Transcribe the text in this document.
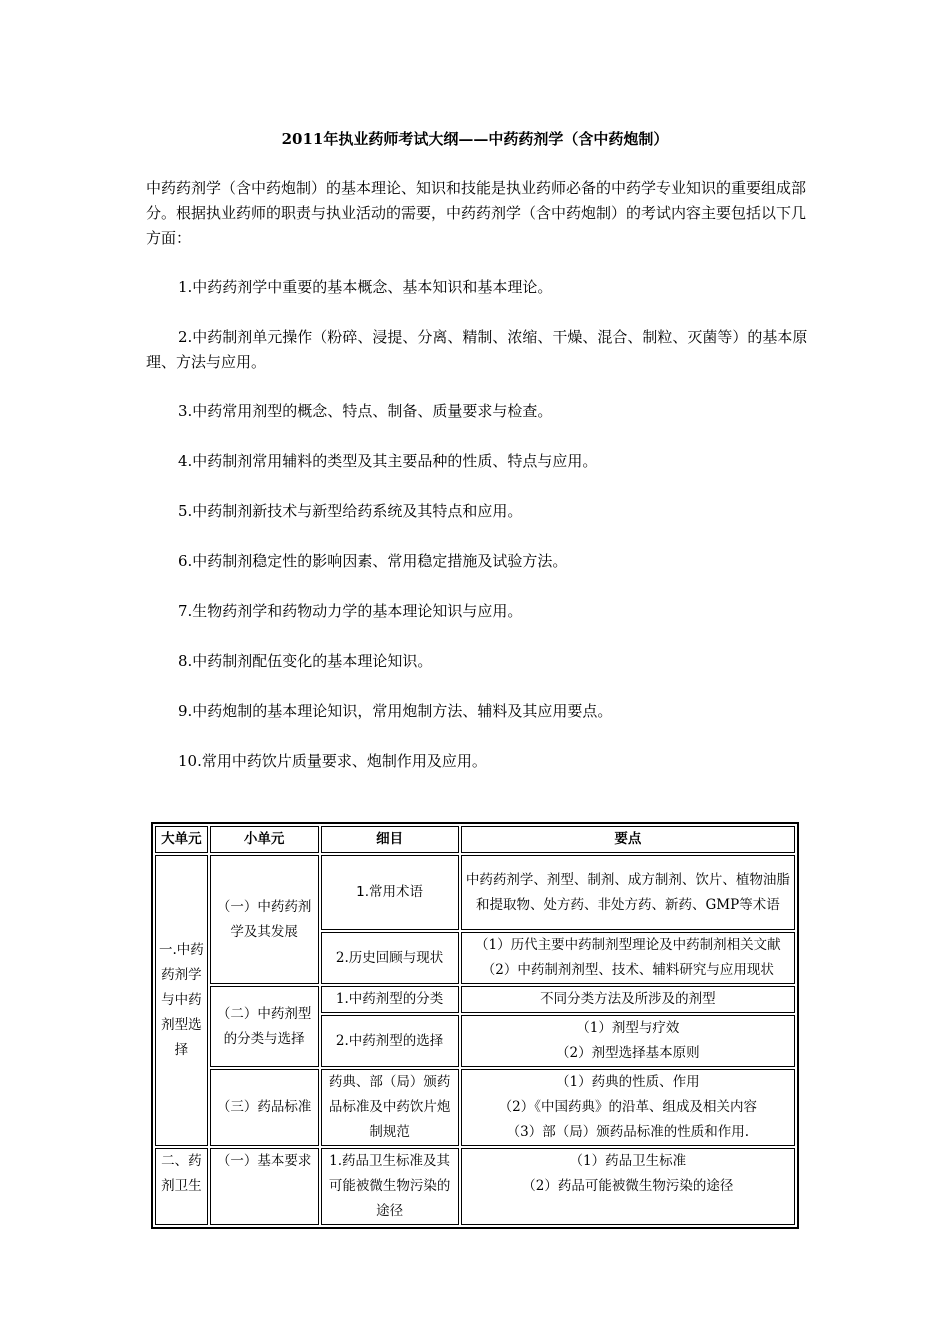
2011年执业药师考试大纲——中药药剂学（含中药炮制）
中药药剂学（含中药炮制）的基本理论、知识和技能是执业药师必备的中药学专业知识的重要组成部分。根据执业药师的职责与执业活动的需要，中药药剂学（含中药炮制）的考试内容主要包括以下几方面：
1.中药药剂学中重要的基本概念、基本知识和基本理论。
2.中药制剂单元操作（粉碎、浸提、分离、精制、浓缩、干燥、混合、制粒、灭菌等）的基本原理、方法与应用。
3.中药常用剂型的概念、特点、制备、质量要求与检查。
4.中药制剂常用辅料的类型及其主要品种的性质、特点与应用。
5.中药制剂新技术与新型给药系统及其特点和应用。
6.中药制剂稳定性的影响因素、常用稳定措施及试验方法。
7.生物药剂学和药物动力学的基本理论知识与应用。
8.中药制剂配伍变化的基本理论知识。
9.中药炮制的基本理论知识，常用炮制方法、辅料及其应用要点。
10.常用中药饮片质量要求、炮制作用及应用。
大单元	小单元	细目	要点
一.中药药剂学与中药剂型选择	（一）中药药剂学及其发展	1.常用术语	中药药剂学、剂型、制剂、成方制剂、饮片、植物油脂和提取物、处方药、非处方药、新药、GMP等术语
		2.历史回顾与现状	（1）历代主要中药制剂型理论及中药制剂相关文献
（2）中药制剂剂型、技术、辅料研究与应用现状

	（二）中药剂型的分类与选择	1.中药剂型的分类	不同分类方法及所涉及的剂型
		2.中药剂型的选择	（1）剂型与疗效
（2）剂型选择基本原则

	（三）药品标准	药典、部（局）颁药品标准及中药饮片炮制规范	（1）药典的性质、作用
（2）《中国药典》的沿革、组成及相关内容
（3）部（局）颁药品标准的性质和作用.

二、药剂卫生	（一）基本要求	1.药品卫生标准及其可能被微生物污染的途径	（1）药品卫生标准
（2）药品可能被微生物污染的途径
